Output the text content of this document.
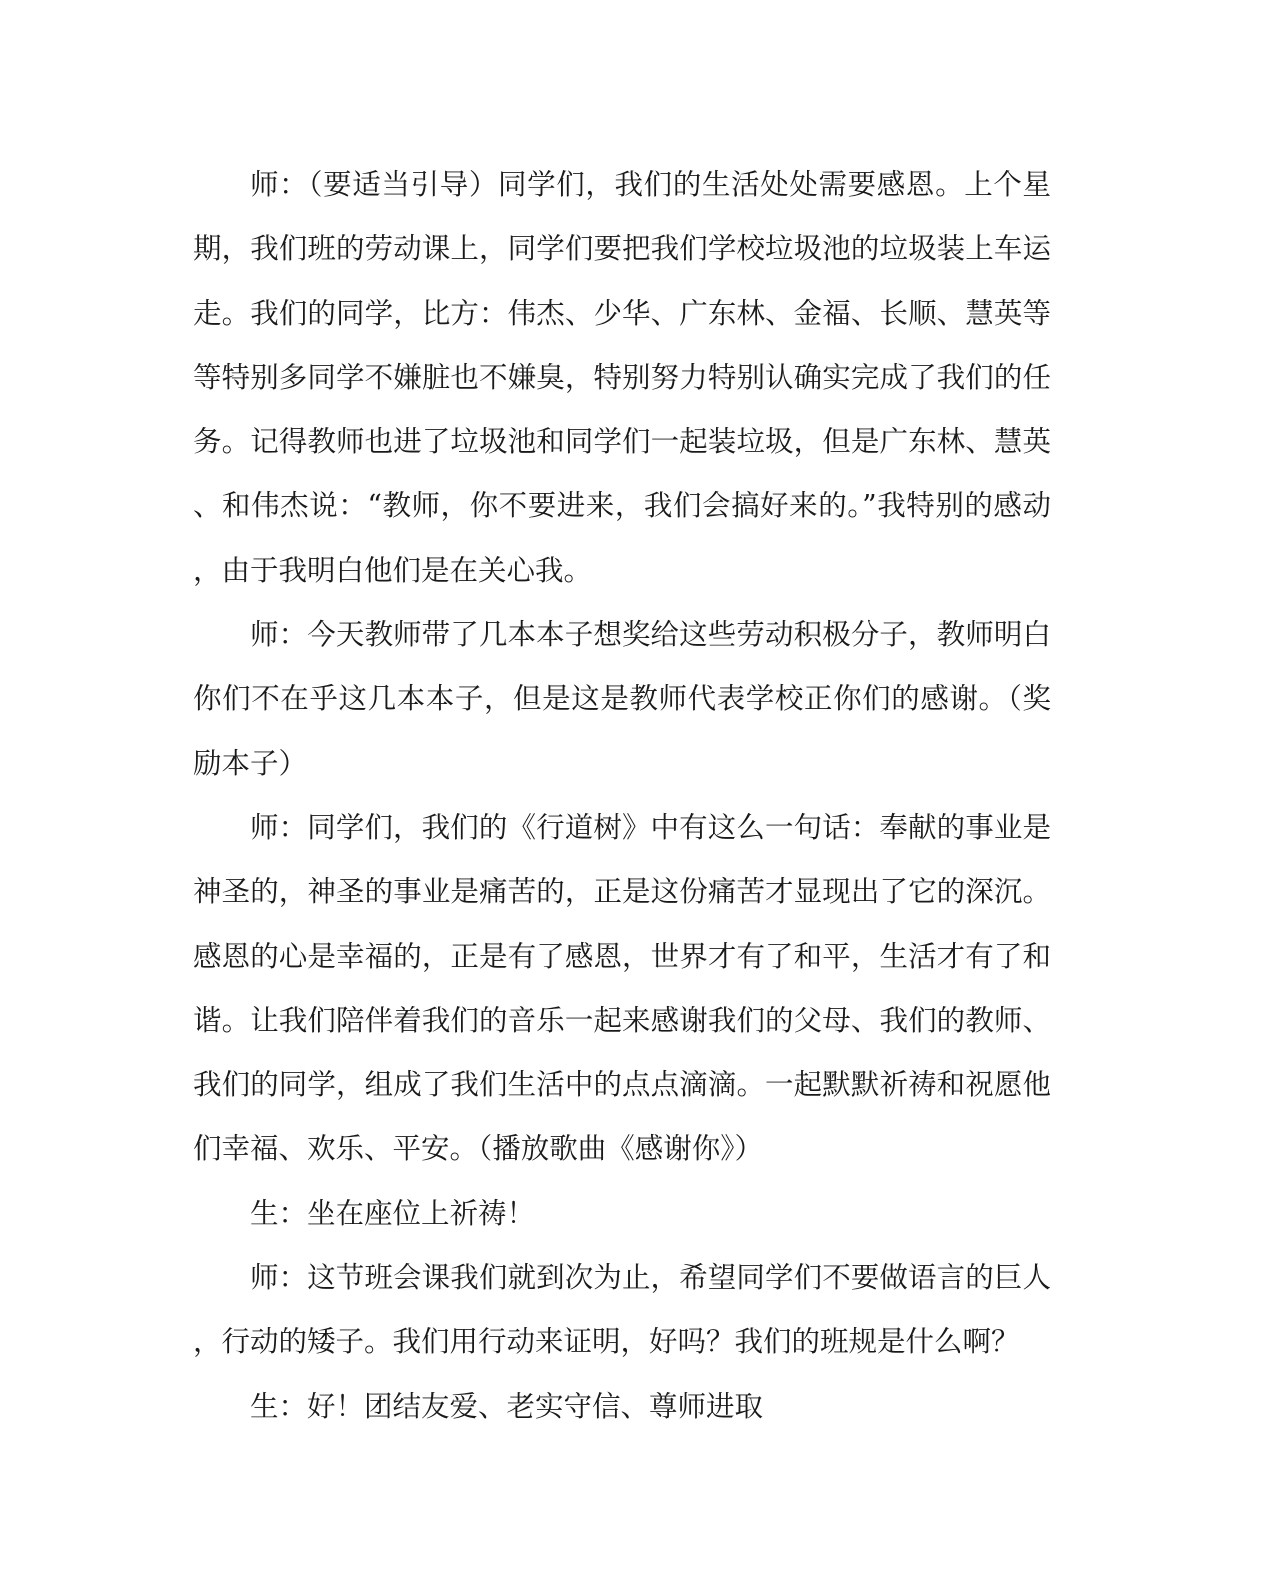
师：（要适当引导）同学们，我们的生活处处需要感恩。上个星期，我们班的劳动课上，同学们要把我们学校垃圾池的垃圾装上车运走。我们的同学，比方：伟杰、少华、广东林、金福、长顺、慧英等等特别多同学不嫌脏也不嫌臭，特别努力特别认确实完成了我们的任务。记得教师也进了垃圾池和同学们一起装垃圾，但是广东林、慧英、和伟杰说：“教师，你不要进来，我们会搞好来的。”我特别的感动，由于我明白他们是在关心我。

师：今天教师带了几本本子想奖给这些劳动积极分子，教师明白你们不在乎这几本本子，但是这是教师代表学校正你们的感谢。（奖励本子）

师：同学们，我们的《行道树》中有这么一句话：奉献的事业是神圣的，神圣的事业是痛苦的，正是这份痛苦才显现出了它的深沉。感恩的心是幸福的，正是有了感恩，世界才有了和平，生活才有了和谐。让我们陪伴着我们的音乐一起来感谢我们的父母、我们的教师、我们的同学，组成了我们生活中的点点滴滴。一起默默祈祷和祝愿他们幸福、欢乐、平安。（播放歌曲《感谢你》）

生：坐在座位上祈祷！

师：这节班会课我们就到次为止，希望同学们不要做语言的巨人，行动的矮子。我们用行动来证明，好吗？我们的班规是什么啊？

生：好！团结友爱、老实守信、尊师进取
